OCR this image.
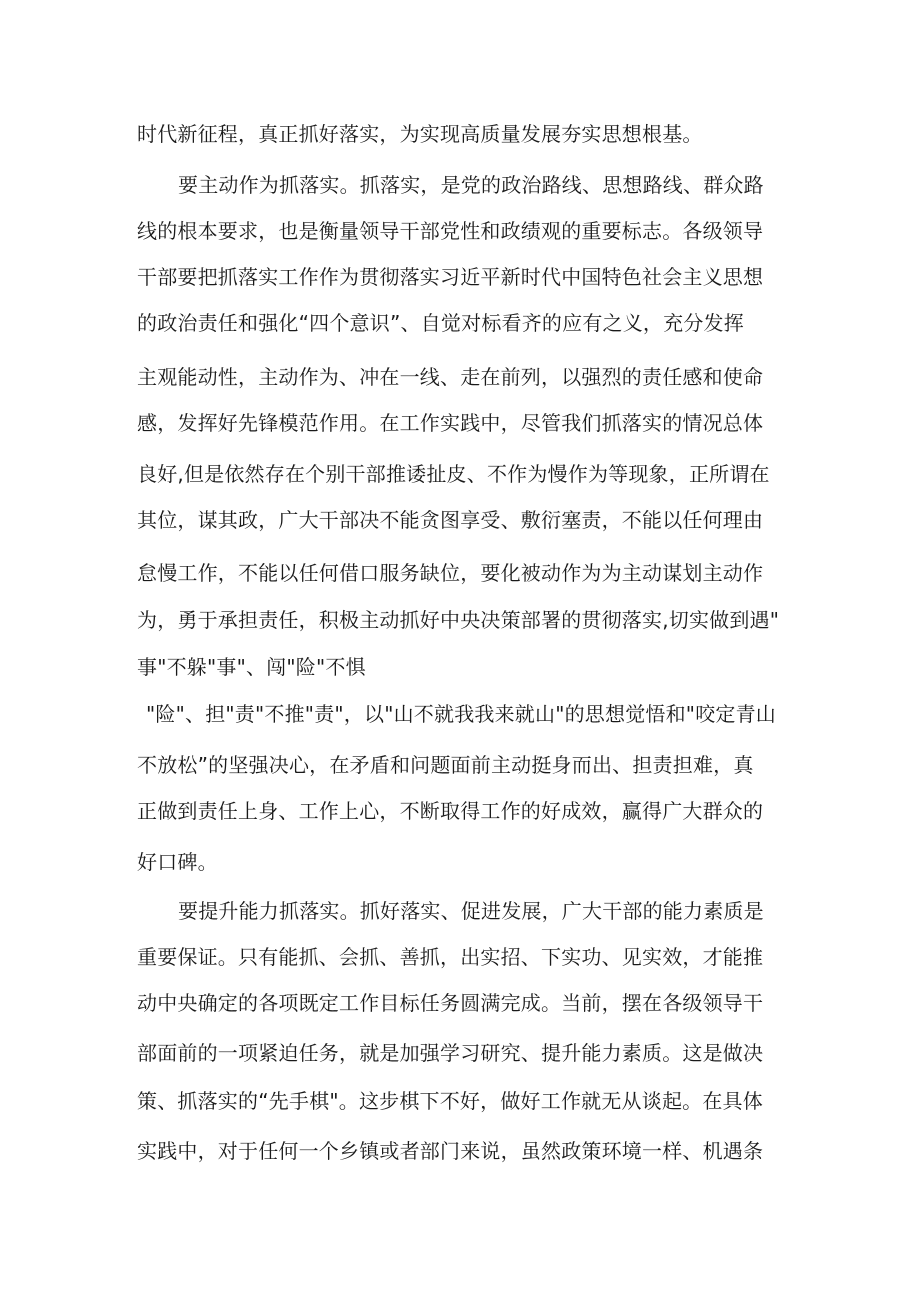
时代新征程，真正抓好落实，为实现高质量发展夯实思想根基。

要主动作为抓落实。抓落实，是党的政治路线、思想路线、群众路

线的根本要求，也是衡量领导干部党性和政绩观的重要标志。各级领导

干部要把抓落实工作作为贯彻落实习近平新时代中国特色社会主义思想

的政治责任和强化“四个意识”、自觉对标看齐的应有之义，充分发挥

主观能动性，主动作为、冲在一线、走在前列，以强烈的责任感和使命

感，发挥好先锋模范作用。在工作实践中，尽管我们抓落实的情况总体

良好,但是依然存在个别干部推诿扯皮、不作为慢作为等现象，正所谓在

其位，谋其政，广大干部决不能贪图享受、敷衍塞责，不能以任何理由

怠慢工作，不能以任何借口服务缺位，要化被动作为为主动谋划主动作

为，勇于承担责任，积极主动抓好中央决策部署的贯彻落实,切实做到遇"

事"不躲"事"、闯"险"不惧

"险"、担"责"不推"责"，以"山不就我我来就山"的思想觉悟和"咬定青山

不放松”的坚强决心，在矛盾和问题面前主动挺身而出、担责担难，真

正做到责任上身、工作上心，不断取得工作的好成效，赢得广大群众的

好口碑。

要提升能力抓落实。抓好落实、促进发展，广大干部的能力素质是

重要保证。只有能抓、会抓、善抓，出实招、下实功、见实效，才能推

动中央确定的各项既定工作目标任务圆满完成。当前，摆在各级领导干

部面前的一项紧迫任务，就是加强学习研究、提升能力素质。这是做决

策、抓落实的“先手棋"。这步棋下不好，做好工作就无从谈起。在具体

实践中，对于任何一个乡镇或者部门来说，虽然政策环境一样、机遇条
